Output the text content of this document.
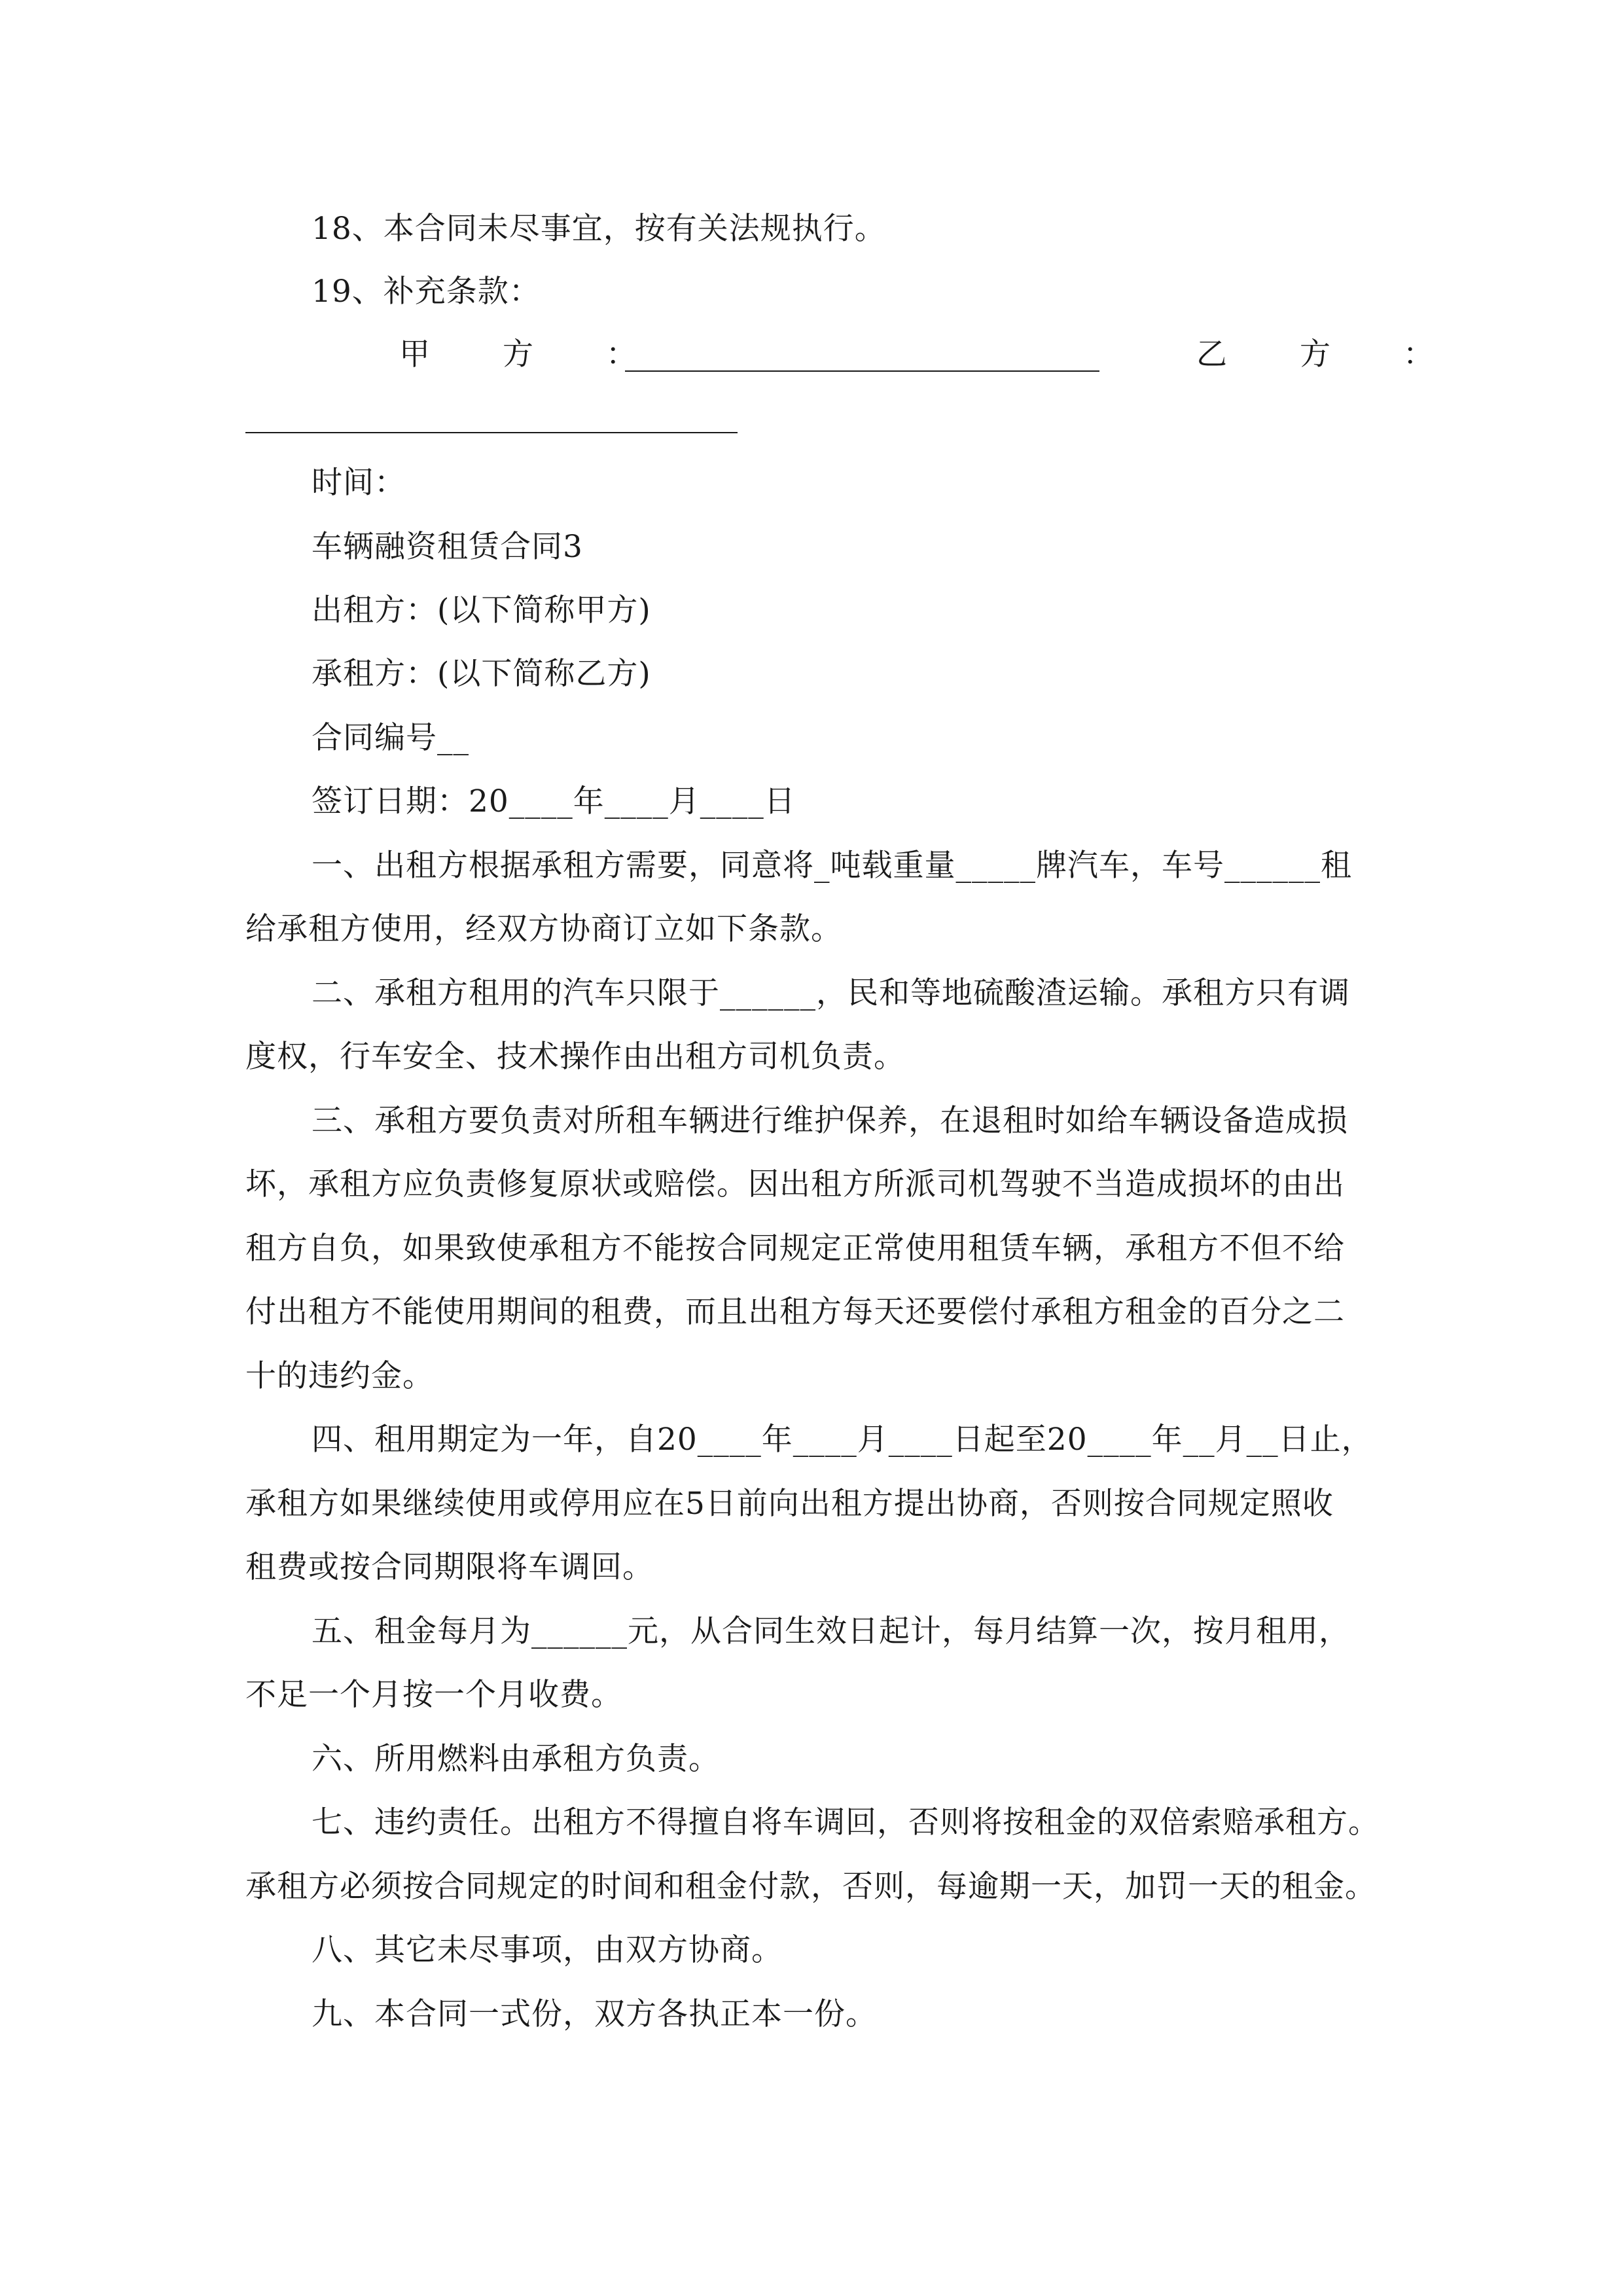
18、本合同未尽事宜，按有关法规执行。
19、补充条款：
甲 方 ：	乙 方 ：
时间：
车辆融资租赁合同3
出租方：(以下简称甲方)
承租方：(以下简称乙方)
合同编号__
签订日期：20____年____月____日
一、出租方根据承租方需要，同意将_吨载重量_____牌汽车，车号______租
给承租方使用，经双方协商订立如下条款。
二、承租方租用的汽车只限于______，民和等地硫酸渣运输。承租方只有调
度权，行车安全、技术操作由出租方司机负责。
三、承租方要负责对所租车辆进行维护保养，在退租时如给车辆设备造成损
坏，承租方应负责修复原状或赔偿。因出租方所派司机驾驶不当造成损坏的由出
租方自负，如果致使承租方不能按合同规定正常使用租赁车辆，承租方不但不给
付出租方不能使用期间的租费，而且出租方每天还要偿付承租方租金的百分之二
十的违约金。
四、租用期定为一年，自20____年____月____日起至20____年__月__日止，
承租方如果继续使用或停用应在5日前向出租方提出协商，否则按合同规定照收
租费或按合同期限将车调回。
五、租金每月为______元，从合同生效日起计，每月结算一次，按月租用，
不足一个月按一个月收费。
六、所用燃料由承租方负责。
七、违约责任。出租方不得擅自将车调回，否则将按租金的双倍索赔承租方。
承租方必须按合同规定的时间和租金付款，否则，每逾期一天，加罚一天的租金。
八、其它未尽事项，由双方协商。
九、本合同一式份，双方各执正本一份。
